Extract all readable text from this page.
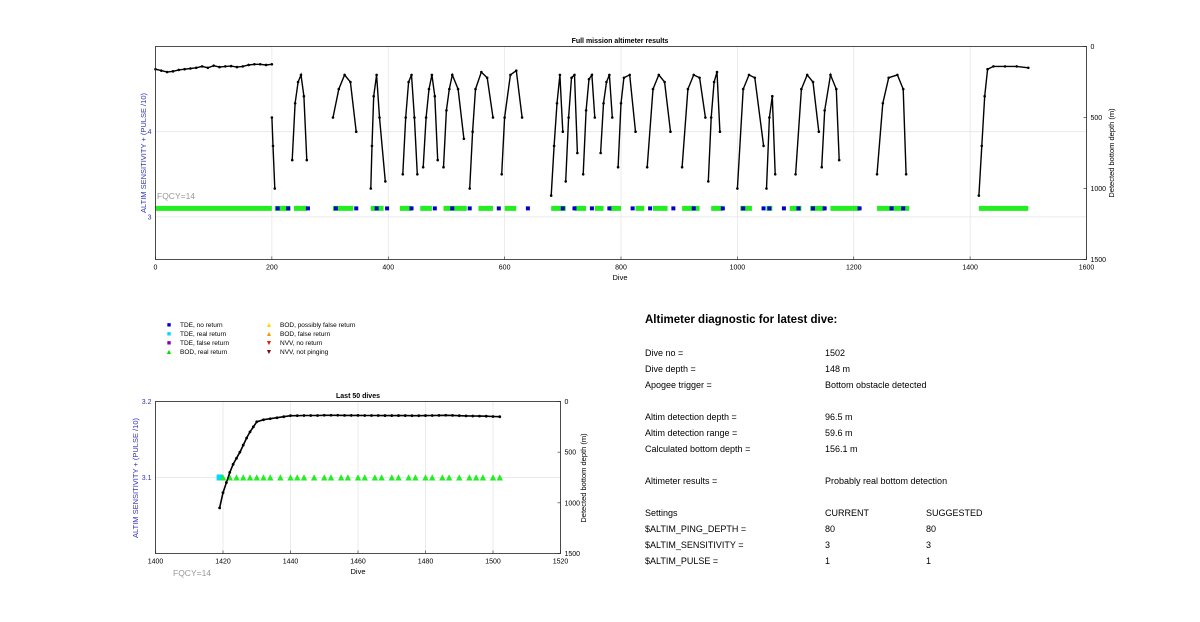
0	200	400	600	800	1000	1200	1400	1600
3
4
0
500
1000
1500
Full mission altimeter results
Dive
ALTIM SENSITIVITY + (PULSE /10)	Detected bottom depth (m)
FQCY=14
■ TDE, no return
■ TDE, real return
■ TDE, false return
▲ BOD, real return
▲ BOD, possibly false return
▲ BOD, false return
▼ NVV, no return
▼ NVV, not pinging
1400	1420	1440	1460	1480	1500	1520
3.1
3.2	0
500
1000
1500
Last 50 dives
Dive
ALTIM SENSITIVITY + (PULSE /10)	Detected bottom depth (m)
FQCY=14
Altimeter diagnostic for latest dive:
Dive no =	1502
Dive depth =	148 m
Apogee trigger =	Bottom obstacle detected
Altim detection depth =	96.5 m
Altim detection range =	59.6 m
Calculated bottom depth =	156.1 m
Altimeter results =	Probably real bottom detection
Settings	CURRENT	SUGGESTED
$ALTIM_PING_DEPTH =	80	80
$ALTIM_SENSITIVITY =	3	3
$ALTIM_PULSE =	1	1
